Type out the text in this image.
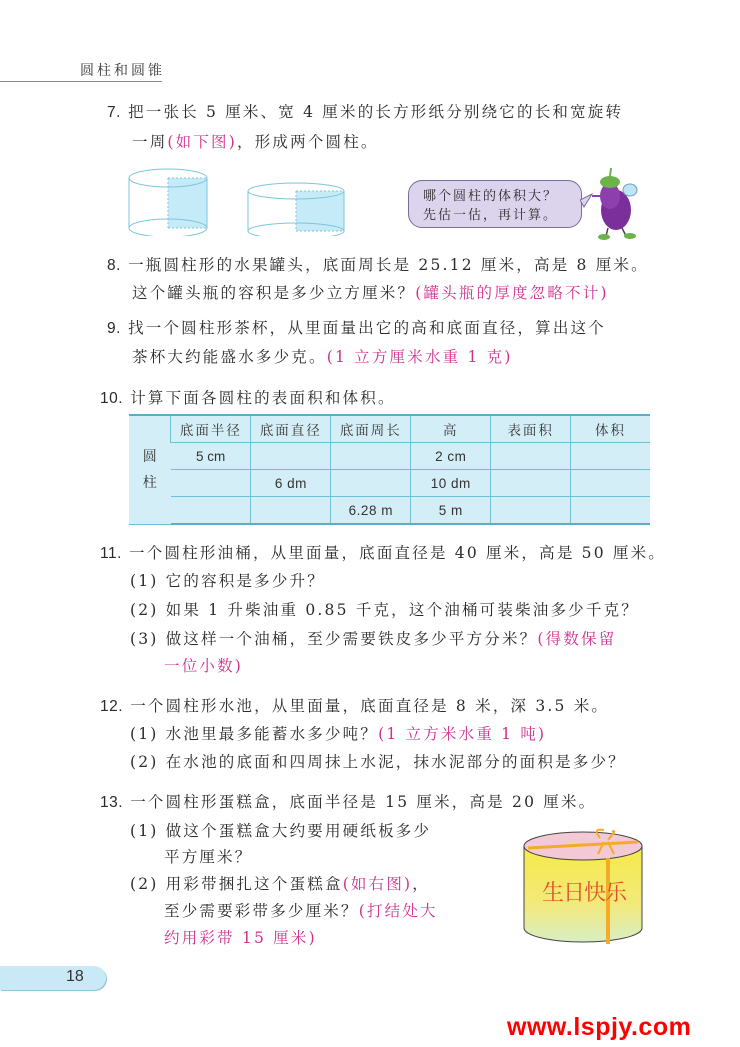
圆柱和圆锥
7. 把一张长 5 厘米、宽 4 厘米的长方形纸分别绕它的长和宽旋转
一周(如下图)，形成两个圆柱。
哪个圆柱的体积大？
先估一估，再计算。
8. 一瓶圆柱形的水果罐头，底面周长是 25.12 厘米，高是 8 厘米。
这个罐头瓶的容积是多少立方厘米？(罐头瓶的厚度忽略不计)
9. 找一个圆柱形茶杯，从里面量出它的高和底面直径，算出这个
茶杯大约能盛水多少克。(1 立方厘米水重 1 克)
10. 计算下面各圆柱的表面积和体积。
圆柱	底面半径	底面直径	底面周长	高	表面积	体积
	5 cm			2 cm		
		6 dm		10 dm		
			6.28 m	5 m		
11. 一个圆柱形油桶，从里面量，底面直径是 40 厘米，高是 50 厘米。
(1) 它的容积是多少升？
(2) 如果 1 升柴油重 0.85 千克，这个油桶可装柴油多少千克？
(3) 做这样一个油桶，至少需要铁皮多少平方分米？(得数保留
一位小数)
12. 一个圆柱形水池，从里面量，底面直径是 8 米，深 3.5 米。
(1) 水池里最多能蓄水多少吨？(1 立方米水重 1 吨)
(2) 在水池的底面和四周抹上水泥，抹水泥部分的面积是多少？
13. 一个圆柱形蛋糕盒，底面半径是 15 厘米，高是 20 厘米。
(1) 做这个蛋糕盒大约要用硬纸板多少
平方厘米？
(2) 用彩带捆扎这个蛋糕盒(如右图)，
至少需要彩带多少厘米？(打结处大
约用彩带 15 厘米)
生日快乐
18
www.lspjy.com
